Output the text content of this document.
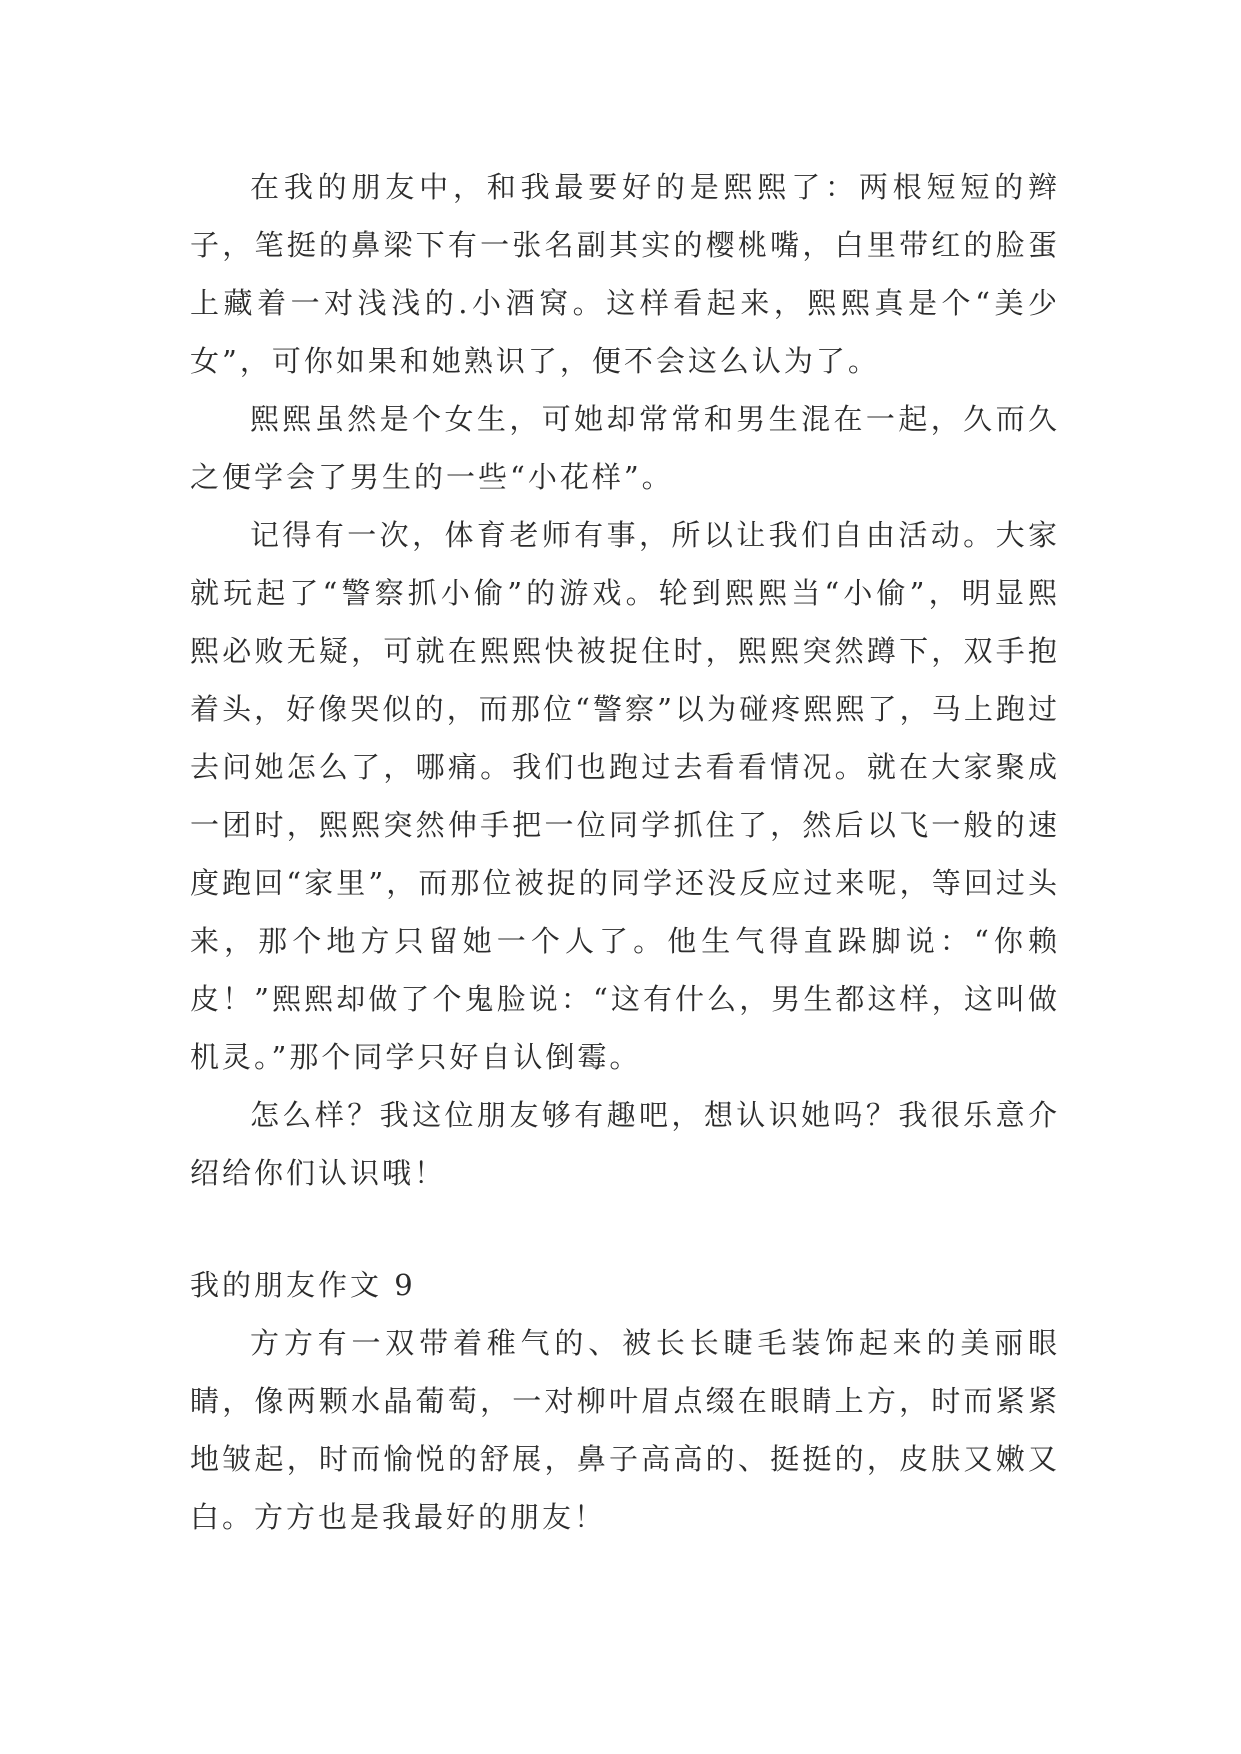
在我的朋友中，和我最要好的是熙熙了：两根短短的辫子，笔挺的鼻梁下有一张名副其实的樱桃嘴，白里带红的脸蛋上藏着一对浅浅的.小酒窝。这样看起来，熙熙真是个“美少女”，可你如果和她熟识了，便不会这么认为了。

熙熙虽然是个女生，可她却常常和男生混在一起，久而久之便学会了男生的一些“小花样”。

记得有一次，体育老师有事，所以让我们自由活动。大家就玩起了“警察抓小偷”的游戏。轮到熙熙当“小偷”，明显熙熙必败无疑，可就在熙熙快被捉住时，熙熙突然蹲下，双手抱着头，好像哭似的，而那位“警察”以为碰疼熙熙了，马上跑过去问她怎么了，哪痛。我们也跑过去看看情况。就在大家聚成一团时，熙熙突然伸手把一位同学抓住了，然后以飞一般的速度跑回“家里”，而那位被捉的同学还没反应过来呢，等回过头来，那个地方只留她一个人了。他生气得直跺脚说：“你赖皮！”熙熙却做了个鬼脸说：“这有什么，男生都这样，这叫做机灵。”那个同学只好自认倒霉。

怎么样？我这位朋友够有趣吧，想认识她吗？我很乐意介绍给你们认识哦！

我的朋友作文 9

方方有一双带着稚气的、被长长睫毛装饰起来的美丽眼睛，像两颗水晶葡萄，一对柳叶眉点缀在眼睛上方，时而紧紧地皱起，时而愉悦的舒展，鼻子高高的、挺挺的，皮肤又嫩又白。方方也是我最好的朋友！
